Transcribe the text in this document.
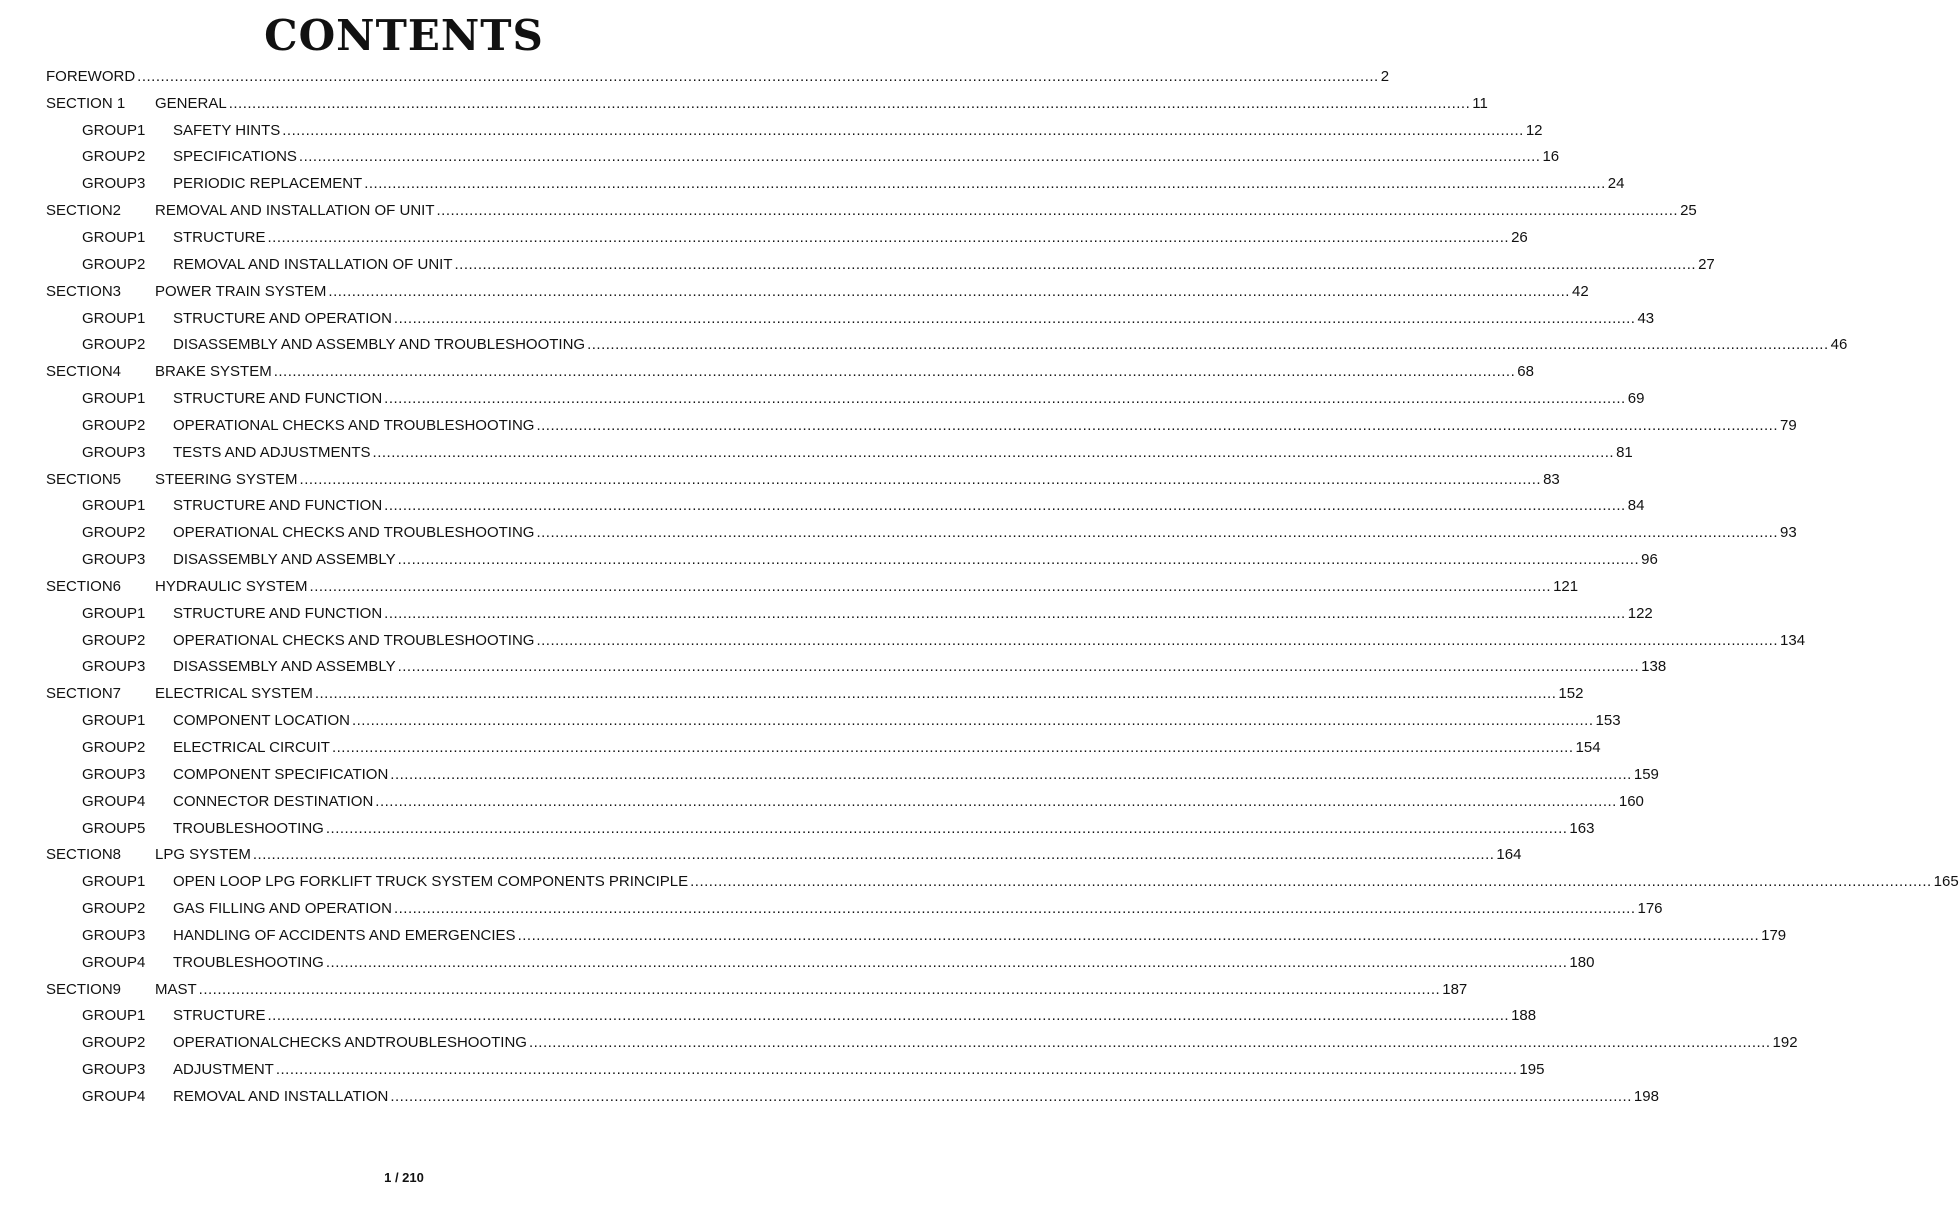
CONTENTS
FOREWORD .....	2
SECTION 1	GENERAL .....	11
GROUP1	SAFETY HINTS .....	12
GROUP2	SPECIFICATIONS .....	16
GROUP3	PERIODIC REPLACEMENT .....	24
SECTION2	REMOVAL AND INSTALLATION OF UNIT .....	25
GROUP1	STRUCTURE .....	26
GROUP2	REMOVAL AND INSTALLATION OF UNIT .....	27
SECTION3	POWER TRAIN SYSTEM .....	42
GROUP1	STRUCTURE AND OPERATION .....	43
GROUP2	DISASSEMBLY AND ASSEMBLY AND TROUBLESHOOTING .....	46
SECTION4	BRAKE SYSTEM .....	68
GROUP1	STRUCTURE AND FUNCTION .....	69
GROUP2	OPERATIONAL CHECKS AND TROUBLESHOOTING .....	79
GROUP3	TESTS AND ADJUSTMENTS .....	81
SECTION5	STEERING SYSTEM .....	83
GROUP1	STRUCTURE AND FUNCTION .....	84
GROUP2	OPERATIONAL CHECKS AND TROUBLESHOOTING .....	93
GROUP3	DISASSEMBLY AND ASSEMBLY .....	96
SECTION6	HYDRAULIC SYSTEM .....	121
GROUP1	STRUCTURE AND FUNCTION .....	122
GROUP2	OPERATIONAL CHECKS AND TROUBLESHOOTING .....	134
GROUP3	DISASSEMBLY AND ASSEMBLY .....	138
SECTION7	ELECTRICAL SYSTEM .....	152
GROUP1	COMPONENT LOCATION .....	153
GROUP2	ELECTRICAL CIRCUIT .....	154
GROUP3	COMPONENT SPECIFICATION .....	159
GROUP4	CONNECTOR DESTINATION .....	160
GROUP5	TROUBLESHOOTING .....	163
SECTION8	LPG SYSTEM .....	164
GROUP1	OPEN LOOP LPG FORKLIFT TRUCK SYSTEM COMPONENTS PRINCIPLE .....	165
GROUP2	GAS FILLING AND OPERATION .....	176
GROUP3	HANDLING OF ACCIDENTS AND EMERGENCIES .....	179
GROUP4	TROUBLESHOOTING .....	180
SECTION9	MAST .....	187
GROUP1	STRUCTURE .....	188
GROUP2	OPERATIONALCHECKS ANDTROUBLESHOOTING .....	192
GROUP3	ADJUSTMENT .....	195
GROUP4	REMOVAL AND INSTALLATION .....	198
1 / 210
